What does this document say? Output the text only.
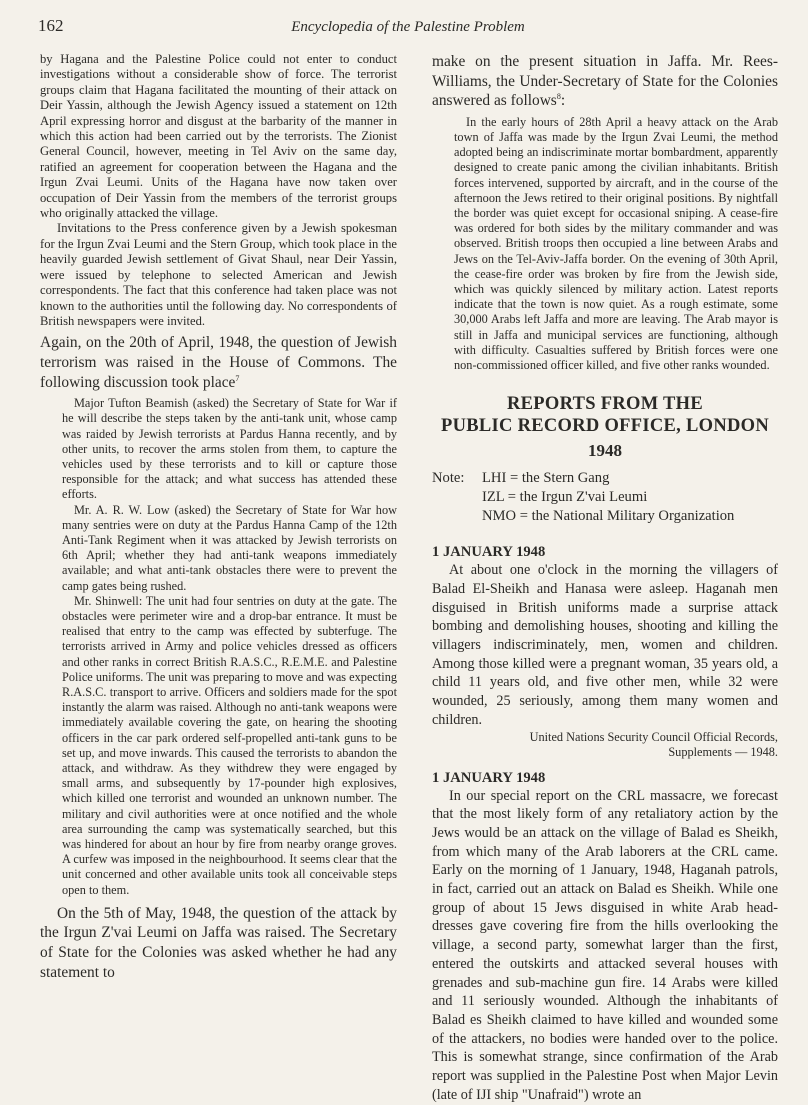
162	Encyclopedia of the Palestine Problem

by Hagana and the Palestine Police could not enter to conduct investigations without a considerable show of force. The terrorist groups claim that Hagana facilitated the mounting of their attack on Deir Yassin, although the Jewish Agency issued a statement on 12th April expressing horror and disgust at the barbarity of the manner in which this action had been carried out by the terrorists. The Zionist General Council, however, meeting in Tel Aviv on the same day, ratified an agreement for cooperation between the Hagana and the Irgun Zvai Leumi. Units of the Hagana have now taken over occupation of Deir Yassin from the members of the terrorist groups who originally attacked the village.

Invitations to the Press conference given by a Jewish spokesman for the Irgun Zvai Leumi and the Stern Group, which took place in the heavily guarded Jewish settlement of Givat Shaul, near Deir Yassin, were issued by telephone to selected American and Jewish correspondents. The fact that this conference had taken place was not known to the authorities until the following day. No correspondents of British newspapers were invited.

Again, on the 20th of April, 1948, the question of Jewish terrorism was raised in the House of Commons. The following discussion took place$^7$

Major Tufton Beamish (asked) the Secretary of State for War if he will describe the steps taken by the anti-tank unit, whose camp was raided by Jewish terrorists at Pardus Hanna recently, and by other units, to recover the arms stolen from them, to capture the vehicles used by these terrorists and to kill or capture those responsible for the attack; and what success has attended these efforts.

Mr. A. R. W. Low (asked) the Secretary of State for War how many sentries were on duty at the Pardus Hanna Camp of the 12th Anti-Tank Regiment when it was attacked by Jewish terrorists on 6th April; whether they had anti-tank weapons immediately available; and what anti-tank obstacles there were to prevent the camp gates being rushed.

Mr. Shinwell: The unit had four sentries on duty at the gate. The obstacles were perimeter wire and a drop-bar entrance. It must be realised that entry to the camp was effected by subterfuge. The terrorists arrived in Army and police vehicles dressed as officers and other ranks in correct British R.A.S.C., R.E.M.E. and Palestine Police uniforms. The unit was preparing to move and was expecting R.A.S.C. transport to arrive. Officers and soldiers made for the spot instantly the alarm was raised. Although no anti-tank weapons were immediately available covering the gate, on hearing the shooting officers in the car park ordered self-propelled anti-tank guns to be set up, and move inwards. This caused the terrorists to abandon the attack, and withdraw. As they withdrew they were engaged by small arms, and subsequently by 17-pounder high explosives, which killed one terrorist and wounded an unknown number. The military and civil authorities were at once notified and the whole area surrounding the camp was systematically searched, but this was hindered for about an hour by fire from nearby orange groves. A curfew was imposed in the neighbourhood. It seems clear that the unit concerned and other available units took all conceivable steps open to them.

On the 5th of May, 1948, the question of the attack by the Irgun Z'vai Leumi on Jaffa was raised. The Secretary of State for the Colonies was asked whether he had any statement to

make on the present situation in Jaffa. Mr. Rees-Williams, the Under-Secretary of State for the Colonies answered as follows$^8$:

In the early hours of 28th April a heavy attack on the Arab town of Jaffa was made by the Irgun Zvai Leumi, the method adopted being an indiscriminate mortar bombardment, apparently designed to create panic among the civilian inhabitants. British forces intervened, supported by aircraft, and in the course of the afternoon the Jews retired to their original positions. By nightfall the border was quiet except for occasional sniping. A cease-fire was ordered for both sides by the military commander and was observed. British troops then occupied a line between Arabs and Jews on the Tel-Aviv-Jaffa border. On the evening of 30th April, the cease-fire order was broken by fire from the Jewish side, which was quickly silenced by military action. Latest reports indicate that the town is now quiet. As a rough estimate, some 30,000 Arabs left Jaffa and more are leaving. The Arab mayor is still in Jaffa and municipal services are functioning, although with difficulty. Casualties suffered by British forces were one non-commissioned officer killed, and five other ranks wounded.

REPORTS FROM THE
PUBLIC RECORD OFFICE, LONDON
1948
Note:	LHI = the Stern Gang
IZL = the Irgun Z'vai Leumi
NMO = the National Military Organization
1 JANUARY 1948

At about one o'clock in the morning the villagers of Balad El-Sheikh and Hanasa were asleep. Haganah men disguised in British uniforms made a surprise attack bombing and demolishing houses, shooting and killing the villagers indiscriminately, men, women and children. Among those killed were a pregnant woman, 35 years old, a child 11 years old, and five other men, while 32 were wounded, 25 seriously, among them many women and children.

United Nations Security Council Official Records,
Supplements — 1948.
1 JANUARY 1948

In our special report on the CRL massacre, we forecast that the most likely form of any retaliatory action by the Jews would be an attack on the village of Balad es Sheikh, from which many of the Arab laborers at the CRL came. Early on the morning of 1 January, 1948, Haganah patrols, in fact, carried out an attack on Balad es Sheikh. While one group of about 15 Jews disguised in white Arab head-dresses gave covering fire from the hills overlooking the village, a second party, somewhat larger than the first, entered the outskirts and attacked several houses with grenades and sub-machine gun fire. 14 Arabs were killed and 11 seriously wounded. Although the inhabitants of Balad es Sheikh claimed to have killed and wounded some of the attackers, no bodies were handed over to the police. This is somewhat strange, since confirmation of the Arab report was supplied in the Palestine Post when Major Levin (late of IJI ship "Unafraid") wrote an
